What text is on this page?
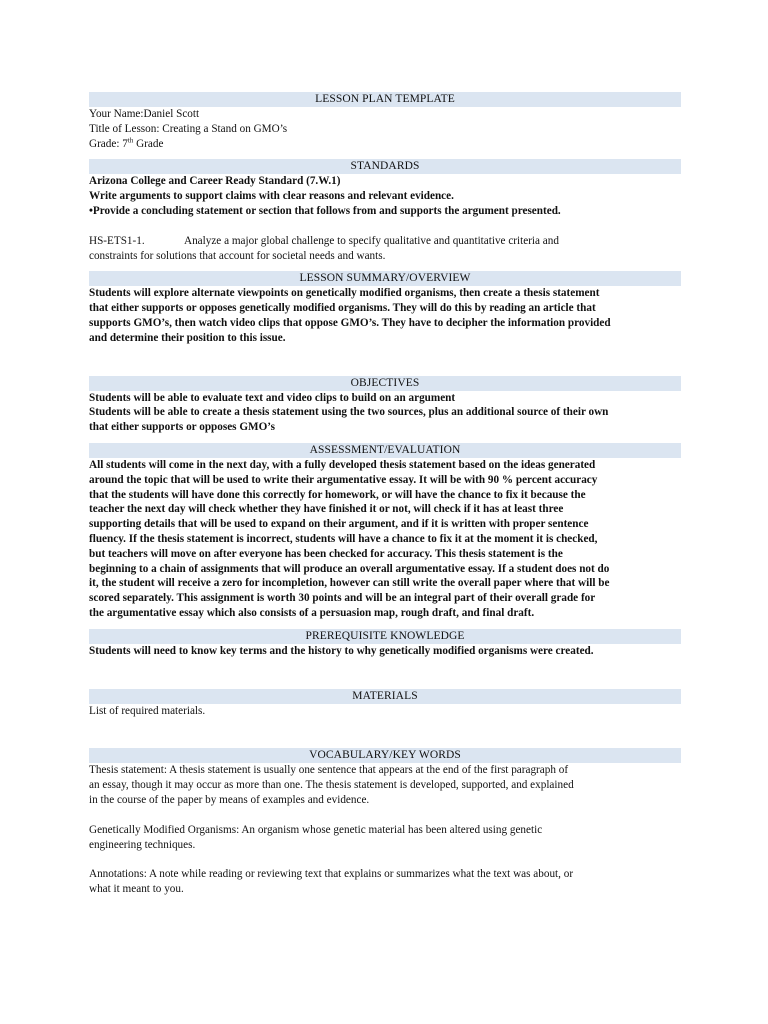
LESSON PLAN TEMPLATE
Your Name:Daniel Scott
Title of Lesson: Creating a Stand on GMO’s
Grade: 7th Grade
STANDARDS
Arizona College and Career Ready Standard (7.W.1)
Write arguments to support claims with clear reasons and relevant evidence.
•Provide a concluding statement or section that follows from and supports the argument presented.
HS-ETS1-1.	Analyze a major global challenge to specify qualitative and quantitative criteria and
constraints for solutions that account for societal needs and wants.
LESSON SUMMARY/OVERVIEW
Students will explore alternate viewpoints on genetically modified organisms, then create a thesis statement
that either supports or opposes genetically modified organisms. They will do this by reading an article that
supports GMO’s, then watch video clips that oppose GMO’s. They have to decipher the information provided
and determine their position to this issue.
OBJECTIVES
Students will be able to evaluate text and video clips to build on an argument
Students will be able to create a thesis statement using the two sources, plus an additional source of their own
that either supports or opposes GMO’s
ASSESSMENT/EVALUATION
All students will come in the next day, with a fully developed thesis statement based on the ideas generated
around the topic that will be used to write their argumentative essay. It will be with 90 % percent accuracy
that the students will have done this correctly for homework, or will have the chance to fix it because the
teacher the next day will check whether they have finished it or not, will check if it has at least three
supporting details that will be used to expand on their argument, and if it is written with proper sentence
fluency. If the thesis statement is incorrect, students will have a chance to fix it at the moment it is checked,
but teachers will move on after everyone has been checked for accuracy. This thesis statement is the
beginning to a chain of assignments that will produce an overall argumentative essay. If a student does not do
it, the student will receive a zero for incompletion, however can still write the overall paper where that will be
scored separately. This assignment is worth 30 points and will be an integral part of their overall grade for
the argumentative essay which also consists of a persuasion map, rough draft, and final draft.
PREREQUISITE KNOWLEDGE
Students will need to know key terms and the history to why genetically modified organisms were created.
MATERIALS
List of required materials.
VOCABULARY/KEY WORDS
Thesis statement: A thesis statement is usually one sentence that appears at the end of the first paragraph of
an essay, though it may occur as more than one. The thesis statement is developed, supported, and explained
in the course of the paper by means of examples and evidence.
Genetically Modified Organisms: An organism whose genetic material has been altered using genetic
engineering techniques.
Annotations: A note while reading or reviewing text that explains or summarizes what the text was about, or
what it meant to you.
